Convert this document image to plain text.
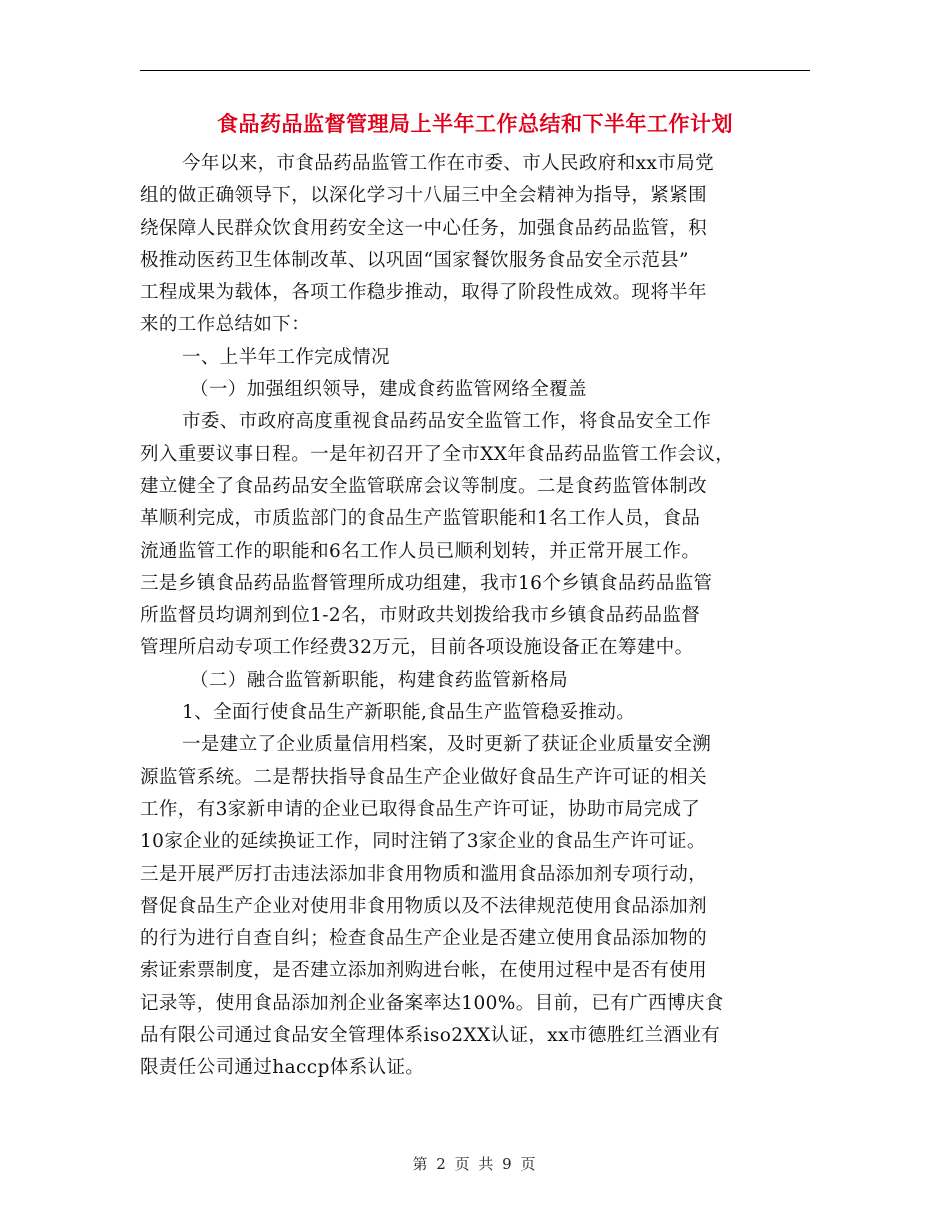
食品药品监督管理局上半年工作总结和下半年工作计划
今年以来，市食品药品监管工作在市委、市人民政府和xx市局党
组的做正确领导下，以深化学习十八届三中全会精神为指导，紧紧围
绕保障人民群众饮食用药安全这一中心任务，加强食品药品监管，积
极推动医药卫生体制改革、以巩固“国家餐饮服务食品安全示范县”
工程成果为载体，各项工作稳步推动，取得了阶段性成效。现将半年
来的工作总结如下：
一、上半年工作完成情况
（一）加强组织领导，建成食药监管网络全覆盖
市委、市政府高度重视食品药品安全监管工作，将食品安全工作
列入重要议事日程。一是年初召开了全市XX年食品药品监管工作会议，
建立健全了食品药品安全监管联席会议等制度。二是食药监管体制改
革顺利完成，市质监部门的食品生产监管职能和1名工作人员，食品
流通监管工作的职能和6名工作人员已顺利划转，并正常开展工作。
三是乡镇食品药品监督管理所成功组建，我市16个乡镇食品药品监管
所监督员均调剂到位1-2名，市财政共划拨给我市乡镇食品药品监督
管理所启动专项工作经费32万元，目前各项设施设备正在筹建中。
（二）融合监管新职能，构建食药监管新格局
1、全面行使食品生产新职能,食品生产监管稳妥推动。
一是建立了企业质量信用档案，及时更新了获证企业质量安全溯
源监管系统。二是帮扶指导食品生产企业做好食品生产许可证的相关
工作，有3家新申请的企业已取得食品生产许可证，协助市局完成了
10家企业的延续换证工作，同时注销了3家企业的食品生产许可证。
三是开展严厉打击违法添加非食用物质和滥用食品添加剂专项行动，
督促食品生产企业对使用非食用物质以及不法律规范使用食品添加剂
的行为进行自查自纠；检查食品生产企业是否建立使用食品添加物的
索证索票制度，是否建立添加剂购进台帐，在使用过程中是否有使用
记录等，使用食品添加剂企业备案率达100%。目前，已有广西博庆食
品有限公司通过食品安全管理体系iso2XX认证，xx市德胜红兰酒业有
限责任公司通过haccp体系认证。
第 2 页 共 9 页
